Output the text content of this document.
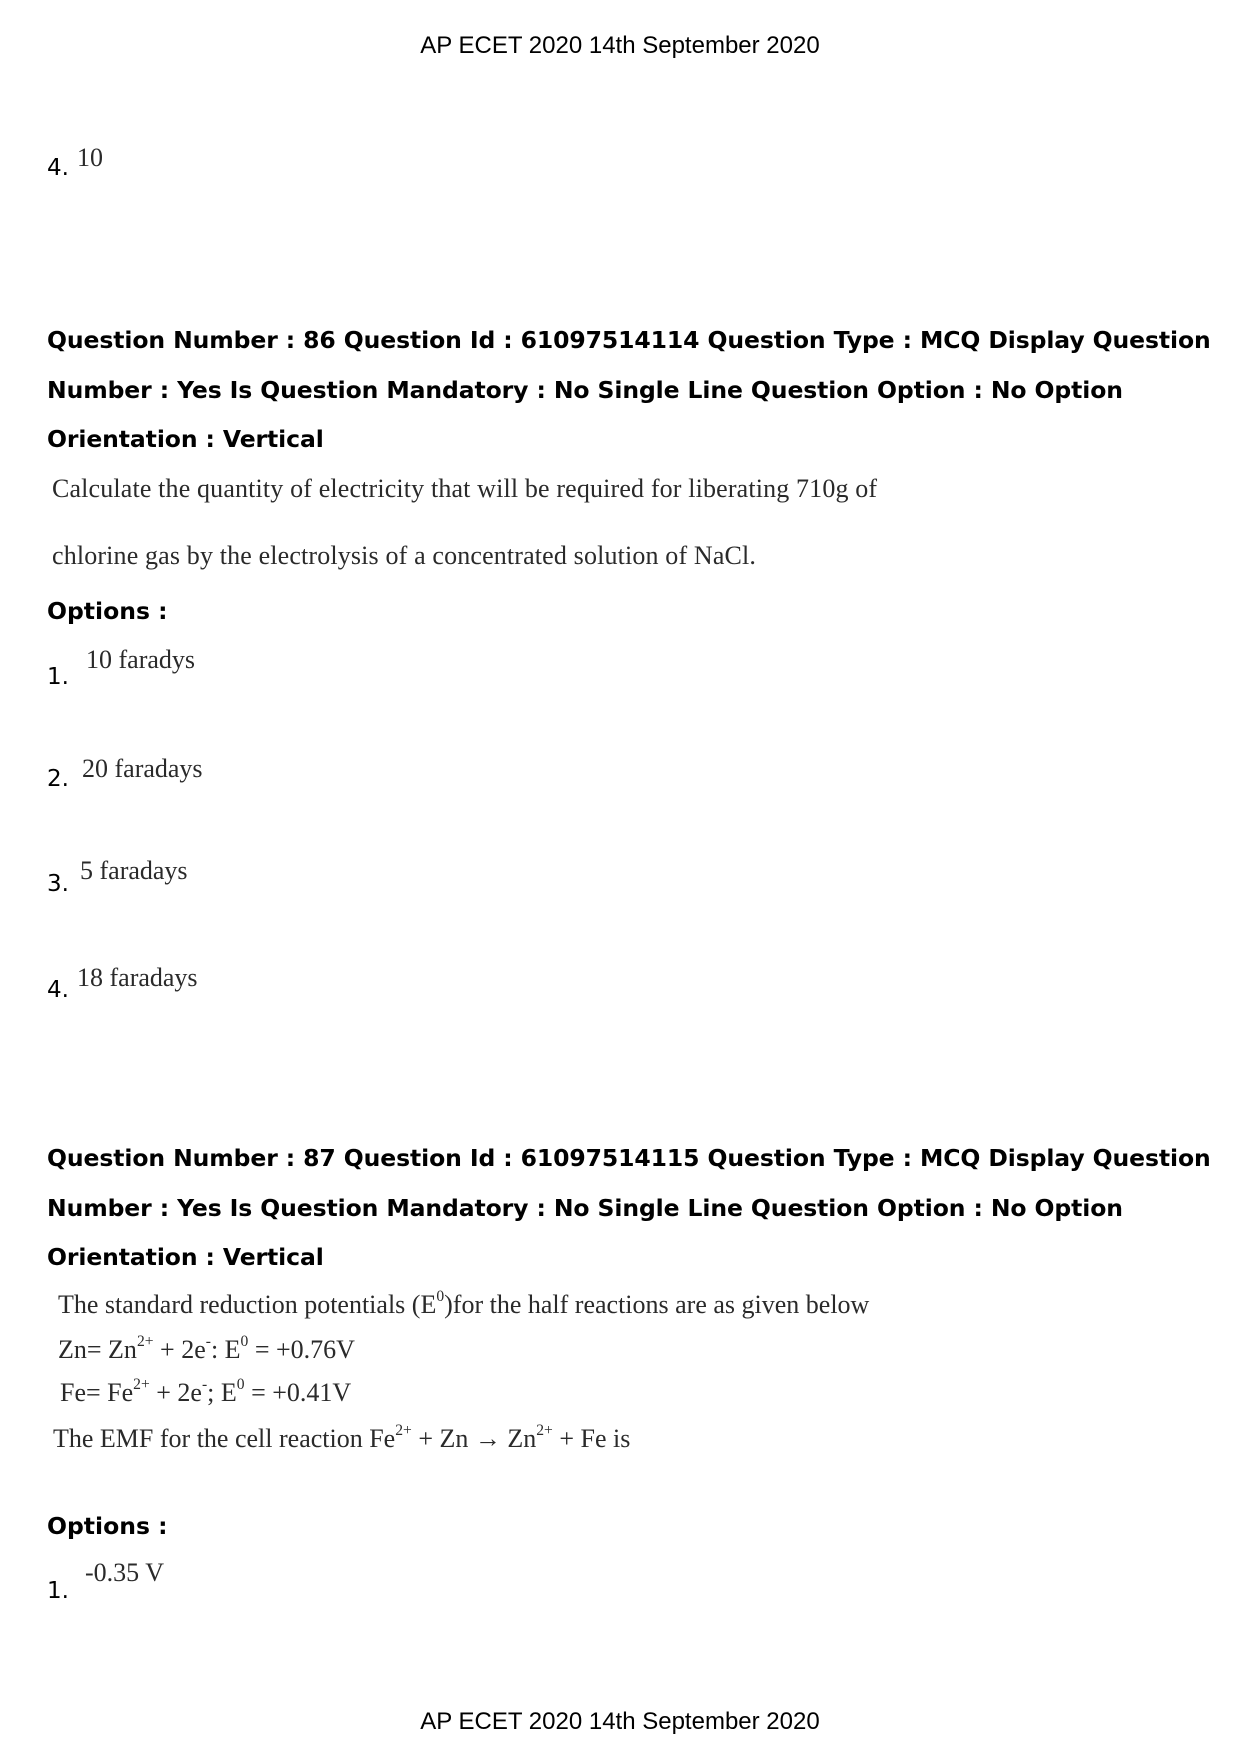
AP ECET 2020 14th September 2020
4. 10
Question Number : 86 Question Id : 61097514114 Question Type : MCQ Display Question
Number : Yes Is Question Mandatory : No Single Line Question Option : No Option
Orientation : Vertical
Calculate the quantity of electricity that will be required for liberating 710g of
chlorine gas by the electrolysis of a concentrated solution of NaCl.
Options :
1.
10 faradys
2. 20 faradays
3. 5 faradays
4. 18 faradays
Question Number : 87 Question Id : 61097514115 Question Type : MCQ Display Question
Number : Yes Is Question Mandatory : No Single Line Question Option : No Option
Orientation : Vertical
The standard reduction potentials $(E^0)for$ the half reactions are as given below
$Zn= Zn^{2+} + 2e^-$: $E^0 = +0.76V$
$Fe= Fe^{2+} + 2e^-$; $E^0 = +0.41V$
The EMF for the cell reaction $Fe^{2+} + Zn \to Zn^{2+} + Fe$ is
Options :
1.
-0.35 V
AP ECET 2020 14th September 2020
